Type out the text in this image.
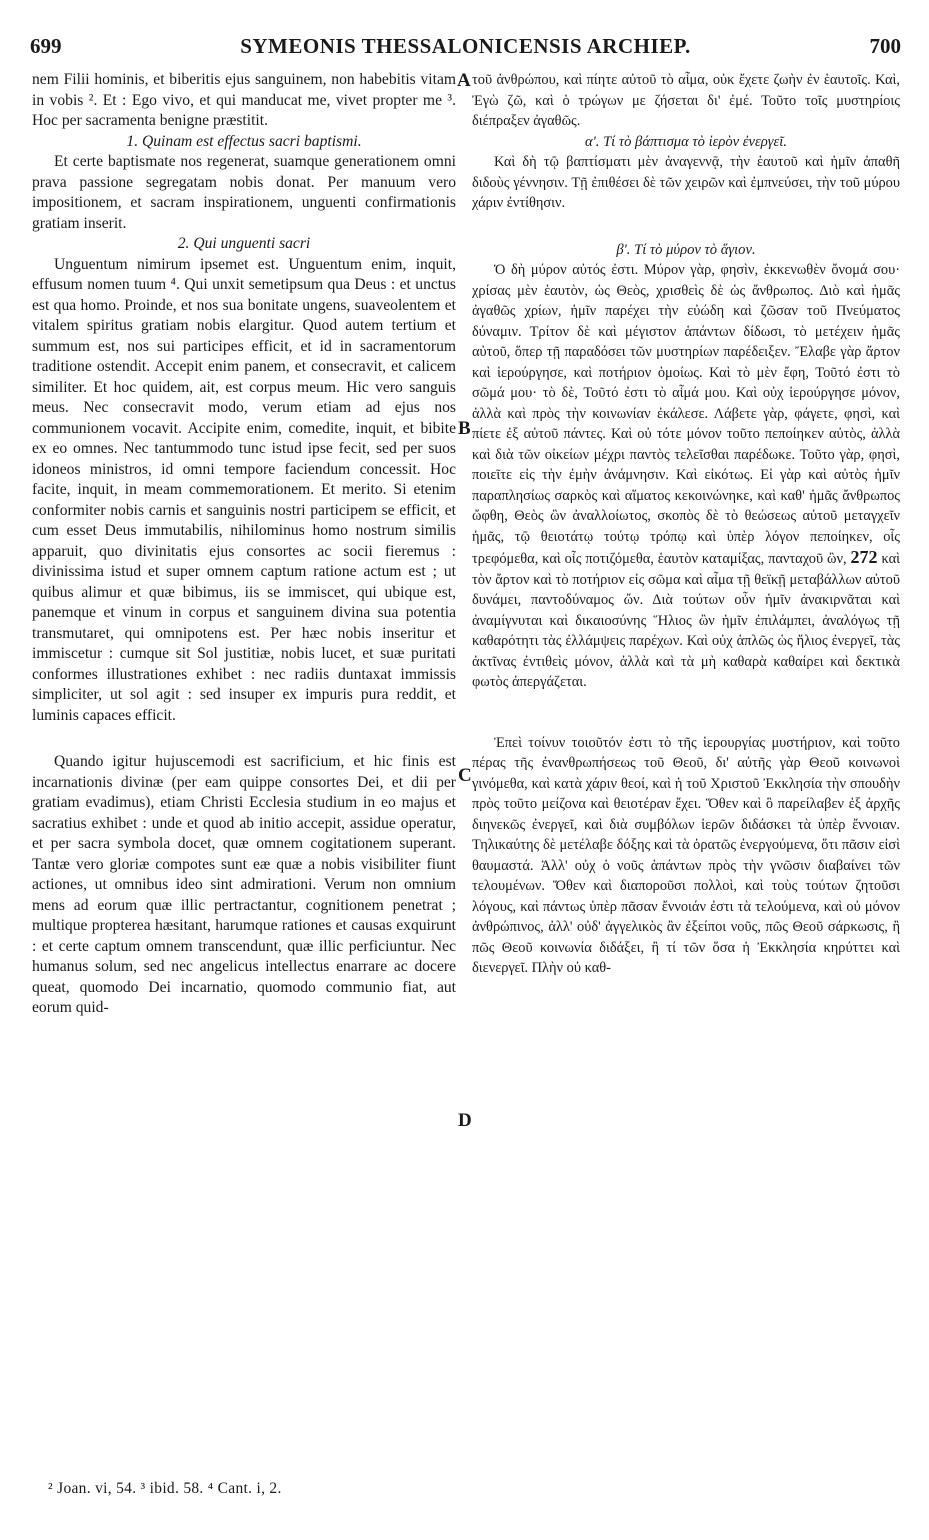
699	SYMEONIS THESSALONICENSIS ARCHIEP.	700

nem Filii hominis, et biberitis ejus sanguinem, non habebitis vitam in vobis ². Et : Ego vivo, et qui manducat me, vivet propter me ³. Hoc per sacramenta benigne præstitit.

1. Quinam est effectus sacri baptismi.

Et certe baptismate nos regenerat, suamque generationem omni prava passione segregatam nobis donat. Per manuum vero impositionem, et sacram inspirationem, unguenti confirmationis gratiam inserit.

2. Qui unguenti sacri

Unguentum nimirum ipsemet est. Unguentum enim, inquit, effusum nomen tuum ⁴. Qui unxit semetipsum qua Deus : et unctus est qua homo. Proinde, et nos sua bonitate ungens, suaveolentem et vitalem spiritus gratiam nobis elargitur. Quod autem tertium et summum est, nos sui participes efficit, et id in sacramentorum traditione ostendit. Accepit enim panem, et consecravit, et calicem similiter. Et hoc quidem, ait, est corpus meum. Hic vero sanguis meus. Nec consecravit modo, verum etiam ad ejus nos communionem vocavit. Accipite enim, comedite, inquit, et bibite ex eo omnes. Nec tantummodo tunc istud ipse fecit, sed per suos idoneos ministros, id omni tempore faciendum concessit. Hoc facite, inquit, in meam commemorationem. Et merito. Si etenim conformiter nobis carnis et sanguinis nostri participem se efficit, et cum esset Deus immutabilis, nihilominus homo nostrum similis apparuit, quo divinitatis ejus consortes ac socii fieremus : divinissima istud et super omnem captum ratione actum est ; ut quibus alimur et quæ bibimus, iis se immiscet, qui ubique est, panemque et vinum in corpus et sanguinem divina sua potentia transmutaret, qui omnipotens est. Per hæc nobis inseritur et immiscetur : cumque sit Sol justitiæ, nobis lucet, et suæ puritati conformes illustrationes exhibet : nec radiis duntaxat immissis simpliciter, ut sol agit : sed insuper ex impuris pura reddit, et luminis capaces efficit.

Quando igitur hujuscemodi est sacrificium, et hic finis est incarnationis divinæ (per eam quippe consortes Dei, et dii per gratiam evadimus), etiam Christi Ecclesia studium in eo majus et sacratius exhibet : unde et quod ab initio accepit, assidue operatur, et per sacra symbola docet, quæ omnem cogitationem superant. Tantæ vero gloriæ compotes sunt eæ quæ a nobis visibiliter fiunt actiones, ut omnibus ideo sint admirationi. Verum non omnium mens ad eorum quæ illic pertractantur, cognitionem penetrat ; multique propterea hæsitant, harumque rationes et causas exquirunt : et certe captum omnem transcendunt, quæ illic perficiuntur. Nec humanus solum, sed nec angelicus intellectus enarrare ac docere queat, quomodo Dei incarnatio, quomodo communio fiat, aut eorum quid-

τοῦ ἀνθρώπου, καὶ πίητε αὐτοῦ τὸ αἷμα, οὐκ ἔχετε ζωὴν ἐν ἑαυτοῖς. Καὶ, Ἐγὼ ζῶ, καὶ ὁ τρώγων με ζήσεται δι' ἐμέ. Τοῦτο τοῖς μυστηρίοις διέπραξεν ἀγαθῶς.

α'. Τί τὸ βάπτισμα τὸ ἱερὸν ἐνεργεῖ.

Καὶ δὴ τῷ βαπτίσματι μὲν ἀναγεννᾷ, τὴν ἑαυτοῦ καὶ ἡμῖν ἀπαθῆ διδοὺς γέννησιν. Τῇ ἐπιθέσει δὲ τῶν χειρῶν καὶ ἐμπνεύσει, τὴν τοῦ μύρου χάριν ἐντίθησιν.

β'. Τί τὸ μύρον τὸ ἅγιον.

Ὁ δὴ μύρον αὐτός ἐστι. Μύρον γὰρ, φησὶν, ἐκκενωθὲν ὄνομά σου· χρίσας μὲν ἑαυτὸν, ὡς Θεὸς, χρισθεὶς δὲ ὡς ἄνθρωπος. Διὸ καὶ ἡμᾶς ἀγαθῶς χρίων, ἡμῖν παρέχει τὴν εὐώδη καὶ ζῶσαν τοῦ Πνεύματος δύναμιν. Τρίτον δὲ καὶ μέγιστον ἁπάντων δίδωσι, τὸ μετέχειν ἡμᾶς αὐτοῦ, ὅπερ τῇ παραδόσει τῶν μυστηρίων παρέδειξεν. Ἔλαβε γὰρ ἄρτον καὶ ἱερούργησε, καὶ ποτήριον ὁμοίως. Καὶ τὸ μὲν ἔφη, Τοῦτό ἐστι τὸ σῶμά μου· τὸ δὲ, Τοῦτό ἐστι τὸ αἷμά μου. Καὶ οὐχ ἱερούργησε μόνον, ἀλλὰ καὶ πρὸς τὴν κοινωνίαν ἐκάλεσε. Λάβετε γὰρ, φάγετε, φησὶ, καὶ πίετε ἐξ αὐτοῦ πάντες. Καὶ οὐ τότε μόνον τοῦτο πεποίηκεν αὐτὸς, ἀλλὰ καὶ διὰ τῶν οἰκείων μέχρι παντὸς τελεῖσθαι παρέδωκε. Τοῦτο γὰρ, φησὶ, ποιεῖτε εἰς τὴν ἐμὴν ἀνάμνησιν. Καὶ εἰκότως. Εἰ γὰρ καὶ αὐτὸς ἡμῖν παραπλησίως σαρκὸς καὶ αἵματος κεκοινώνηκε, καὶ καθ' ἡμᾶς ἄνθρωπος ὤφθη, Θεὸς ὢν ἀναλλοίωτος, σκοπὸς δὲ τὸ θεώσεως αὐτοῦ μεταγχεῖν ἡμᾶς, τῷ θειοτάτῳ τούτῳ τρόπῳ καὶ ὑπὲρ λόγον πεποίηκεν, οἷς τρεφόμεθα, καὶ οἷς ποτιζόμεθα, ἑαυτὸν καταμίξας, πανταχοῦ ὢν, 272 καὶ τὸν ἄρτον καὶ τὸ ποτήριον εἰς σῶμα καὶ αἷμα τῇ θεϊκῇ μεταβάλλων αὐτοῦ δυνάμει, παντοδύναμος ὤν. Διὰ τούτων οὖν ἡμῖν ἀνακιρνᾶται καὶ ἀναμίγνυται καὶ δικαιοσύνης Ἥλιος ὢν ἡμῖν ἐπιλάμπει, ἀναλόγως τῇ καθαρότητι τὰς ἐλλάμψεις παρέχων. Καὶ οὐχ ἁπλῶς ὡς ἥλιος ἐνεργεῖ, τὰς ἀκτῖνας ἐντιθεὶς μόνον, ἀλλὰ καὶ τὰ μὴ καθαρὰ καθαίρει καὶ δεκτικὰ φωτὸς ἀπεργάζεται.

Ἐπεὶ τοίνυν τοιοῦτόν ἐστι τὸ τῆς ἱερουργίας μυστήριον, καὶ τοῦτο πέρας τῆς ἐνανθρωπήσεως τοῦ Θεοῦ, δι' αὐτῆς γὰρ Θεοῦ κοινωνοὶ γινόμεθα, καὶ κατὰ χάριν θεοί, καὶ ἡ τοῦ Χριστοῦ Ἐκκλησία τὴν σπουδὴν πρὸς τοῦτο μείζονα καὶ θειοτέραν ἔχει. Ὅθεν καὶ ὃ παρείλαβεν ἐξ ἀρχῆς διηνεκῶς ἐνεργεῖ, καὶ διὰ συμβόλων ἱερῶν διδάσκει τὰ ὑπὲρ ἔννοιαν. Τηλικαύτης δὲ μετέλαβε δόξης καὶ τὰ ὁρατῶς ἐνεργούμενα, ὅτι πᾶσιν εἰσὶ θαυμαστά. Ἀλλ' οὐχ ὁ νοῦς ἁπάντων πρὸς τὴν γνῶσιν διαβαίνει τῶν τελουμένων. Ὅθεν καὶ διαποροῦσι πολλοὶ, καὶ τοὺς τούτων ζητοῦσι λόγους, καὶ πάντως ὑπὲρ πᾶσαν ἔννοιάν ἐστι τὰ τελούμενα, καὶ οὐ μόνον ἀνθρώπινος, ἀλλ' οὐδ' ἀγγελικὸς ἂν ἐξείποι νοῦς, πῶς Θεοῦ σάρκωσις, ἢ πῶς Θεοῦ κοινωνία διδάξει, ἢ τί τῶν ὅσα ἡ Ἐκκλησία κηρύττει καὶ διενεργεῖ. Πλὴν οὐ καθ-

A
B
C
D
² Joan. vi, 54. ³ ibid. 58. ⁴ Cant. i, 2.
